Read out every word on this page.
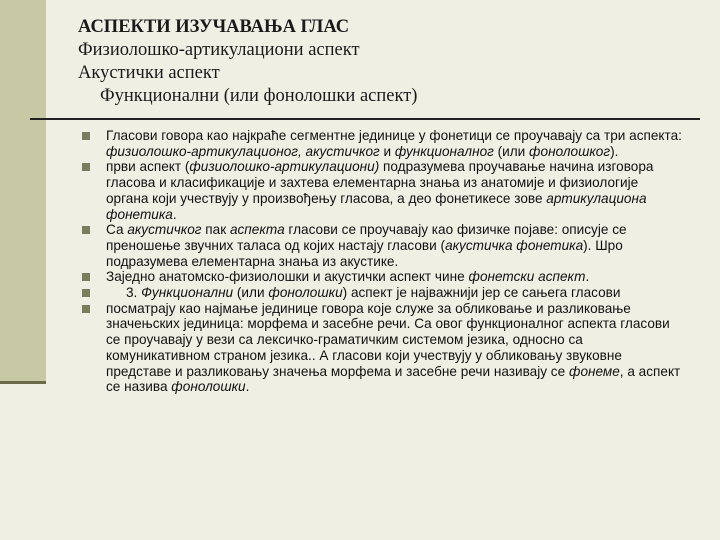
АСПЕКТИ ИЗУЧАВАЊА ГЛАС
Физиолошко-артикулациони аспект
Акустички аспект
Функционални (или фонолошки аспект)

Гласови говора као најкраће сегментне јединице у фонетици се проучавају са три аспекта: физиолошко-артикулационог, акустичког и функционалног (или фонолошког).

први аспект (физиолошко-артикулациони) подразумева проучавање начина изговора гласова и класификације и захтева елементарна знања из анатомије и физиологије органа који учествују у произвођењу гласова, а део фонетикесе зове артикулациона фонетика.

Са акустичког пак аспекта гласови се проучавају као физичке појаве: описује се преношење звучних таласа од којих настају гласови (акустичка фонетика). Шро подразумева елементарна знања из акустике.

Заједно анатомско-физиолошки и акустички аспект чине фонетски аспект.

3. Функционални (или фонолошки) аспект је најважнији јер се сањега гласови

посматрају као најмање јединице говора које служе за обликовање и разликовање значењских јединица: морфема и засебне речи. Са овог функционалног аспекта гласови се проучавају у вези са лексичко-граматичким системом језика, односно са комуникативном страном језика.. А гласови који учествују у обликовању звуковне представе и разликовању значења морфема и засебне речи називају се фонеме, а аспект се назива фонолошки.
